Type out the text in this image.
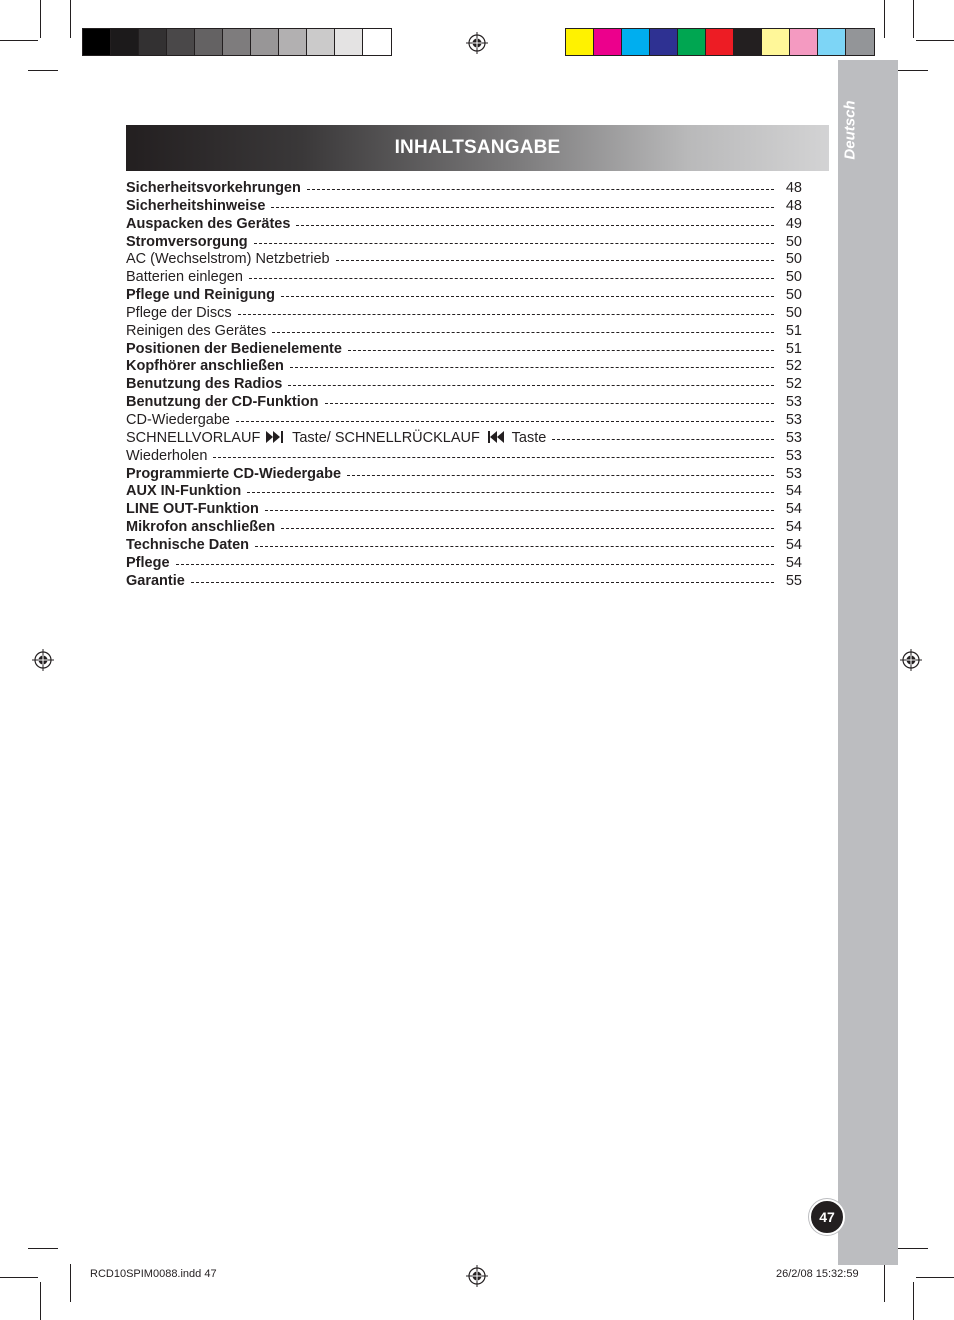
Deutsch
INHALTSANGABE
Sicherheitsvorkehrungen	48
Sicherheitshinweise	48
Auspacken des Gerätes	49
Stromversorgung	50
AC (Wechselstrom) Netzbetrieb	50
Batterien einlegen	50
Pflege und Reinigung	50
Pflege der Discs	50
Reinigen des Gerätes	51
Positionen der Bedienelemente	51
Kopfhörer anschließen	52
Benutzung des Radios	52
Benutzung der CD-Funktion	53
CD-Wiedergabe	53
SCHNELLVORLAUF Taste/ SCHNELLRÜCKLAUF Taste	53
Wiederholen	53
Programmierte CD-Wiedergabe	53
AUX IN-Funktion	54
LINE OUT-Funktion	54
Mikrofon anschließen	54
Technische Daten	54
Pflege	54
Garantie	55
47
RCD10SPIM0088.indd 47	26/2/08 15:32:59
